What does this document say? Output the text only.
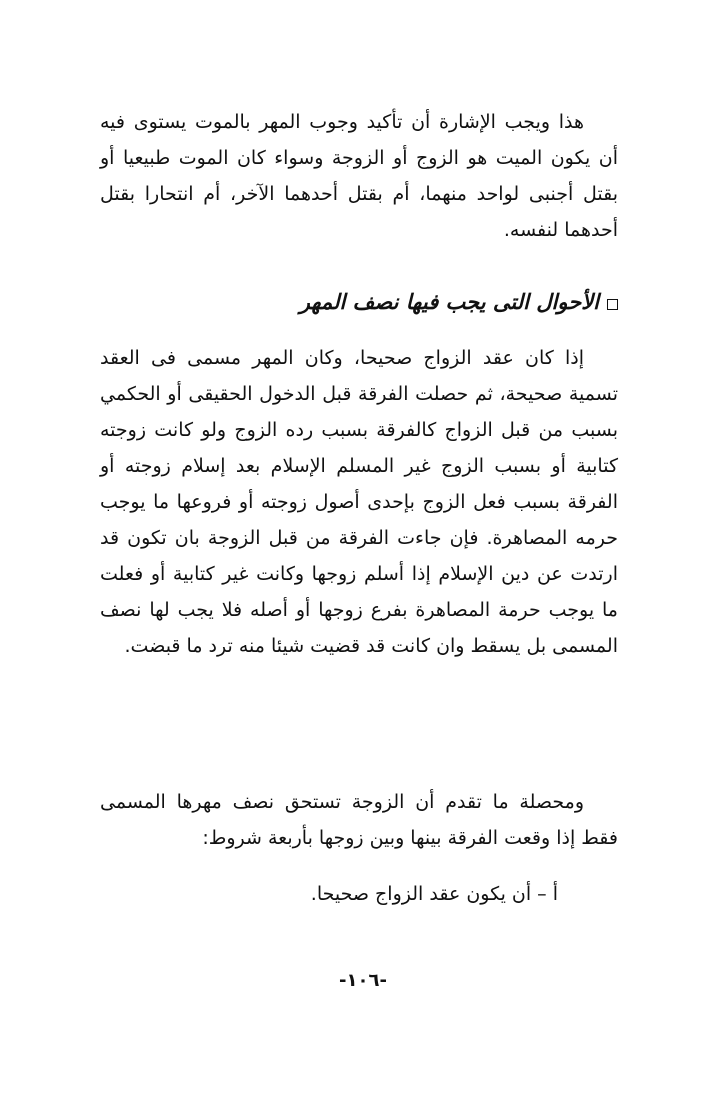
هذا ويجب الإشارة أن تأكيد وجوب المهر بالموت يستوى فيه أن يكون الميت هو الزوج أو الزوجة وسواء كان الموت طبيعيا أو بقتل أجنبى لواحد منهما، أم بقتل أحدهما الآخر، أم انتحارا بقتل أحدهما لنفسه.

الأحوال التى يجب فيها نصف المهر

إذا كان عقد الزواج صحيحا، وكان المهر مسمى فى العقد تسمية صحيحة، ثم حصلت الفرقة قبل الدخول الحقيقى أو الحكمي بسبب من قبل الزواج كالفرقة بسبب رده الزوج ولو كانت زوجته كتابية أو بسبب الزوج غير المسلم الإسلام بعد إسلام زوجته أو الفرقة بسبب فعل الزوج بإحدى أصول زوجته أو فروعها ما يوجب حرمه المصاهرة. فإن جاءت الفرقة من قبل الزوجة بان تكون قد ارتدت عن دين الإسلام إذا أسلم زوجها وكانت غير كتابية أو فعلت ما يوجب حرمة المصاهرة بفرع زوجها أو أصله فلا يجب لها نصف المسمى بل يسقط وان كانت قد قضيت شيئا منه ترد ما قبضت.

ومحصلة ما تقدم أن الزوجة تستحق نصف مهرها المسمى فقط إذا وقعت الفرقة بينها وبين زوجها بأربعة شروط:

أ – أن يكون عقد الزواج صحيحا.

-١٠٦-
